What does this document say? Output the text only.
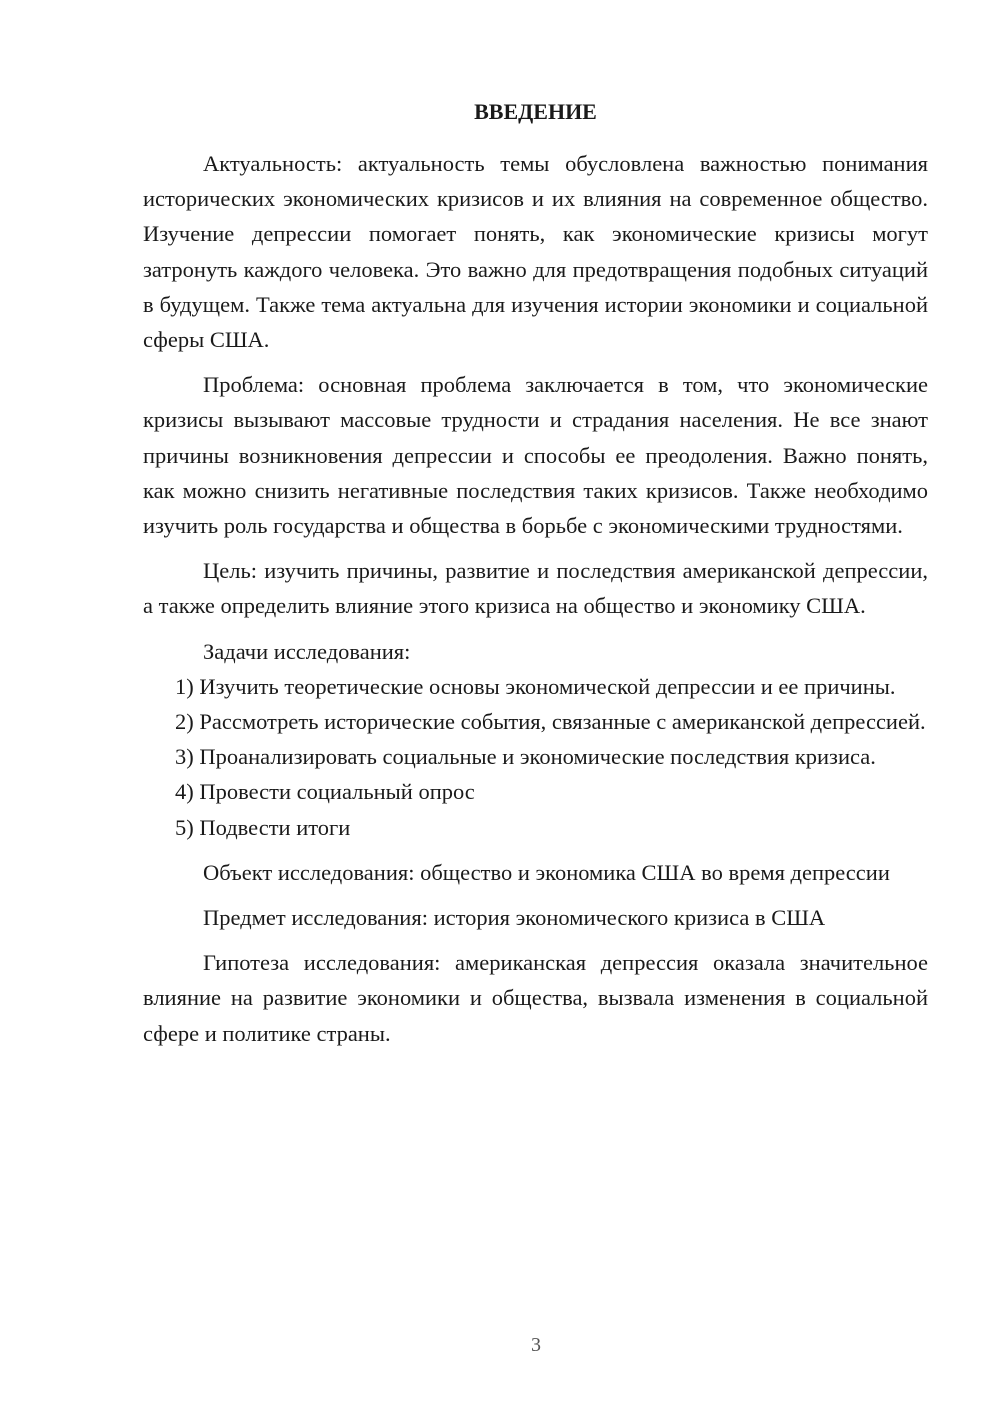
ВВЕДЕНИЕ

Актуальность: актуальность темы обусловлена важностью понимания исторических экономических кризисов и их влияния на современное общество. Изучение депрессии помогает понять, как экономические кризисы могут затронуть каждого человека. Это важно для предотвращения подобных ситуаций в будущем. Также тема актуальна для изучения истории экономики и социальной сферы США.

Проблема: основная проблема заключается в том, что экономические кризисы вызывают массовые трудности и страдания населения. Не все знают причины возникновения депрессии и способы ее преодоления. Важно понять, как можно снизить негативные последствия таких кризисов. Также необходимо изучить роль государства и общества в борьбе с экономическими трудностями.

Цель: изучить причины, развитие и последствия американской депрессии, а также определить влияние этого кризиса на общество и экономику США.

Задачи исследования:

1) Изучить теоретические основы экономической депрессии и ее причины.

2) Рассмотреть исторические события, связанные с американской депрессией.

3) Проанализировать социальные и экономические последствия кризиса.

4) Провести социальный опрос

5) Подвести итоги

Объект исследования: общество и экономика США во время депрессии

Предмет исследования: история экономического кризиса в США

Гипотеза исследования: американская депрессия оказала значительное влияние на развитие экономики и общества, вызвала изменения в социальной сфере и политике страны.

3
